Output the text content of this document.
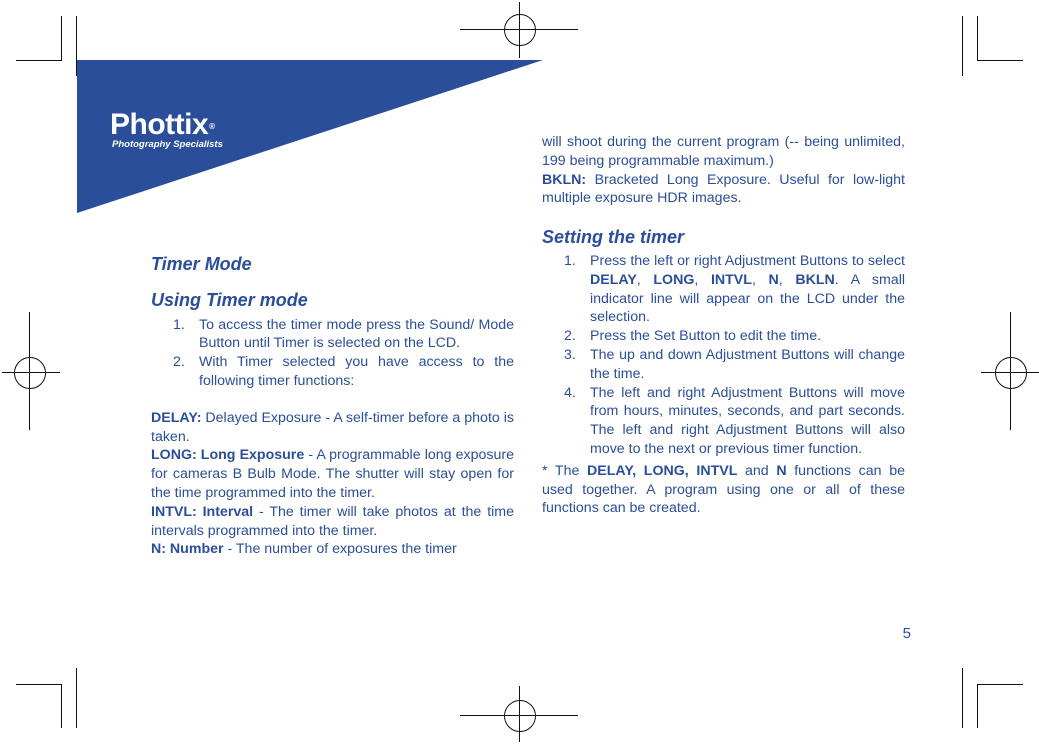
Phottix®
Photography Specialists
Timer Mode
Using Timer mode
1. To access the timer mode press the Sound/ Mode Button until Timer is selected on the LCD.
2. With Timer selected you have access to the following timer functions:

DELAY: Delayed Exposure - A self-timer before a photo is taken.

LONG: Long Exposure - A programmable long exposure for cameras B Bulb Mode. The shutter will stay open for the time programmed into the timer.

INTVL: Interval - The timer will take photos at the time intervals programmed into the timer.

N: Number - The number of exposures the timer

will shoot during the current program (-- being unlimited, 199 being programmable maximum.)

BKLN: Bracketed Long Exposure. Useful for low-light multiple exposure HDR images.

Setting the timer
1. Press the left or right Adjustment Buttons to select DELAY, LONG, INTVL, N, BKLN. A small indicator line will appear on the LCD under the selection.
2. Press the Set Button to edit the time.
3. The up and down Adjustment Buttons will change the time.
4. The left and right Adjustment Buttons will move from hours, minutes, seconds, and part seconds. The left and right Adjustment Buttons will also move to the next or previous timer function.

* The DELAY, LONG, INTVL and N functions can be used together. A program using one or all of these functions can be created.

5
